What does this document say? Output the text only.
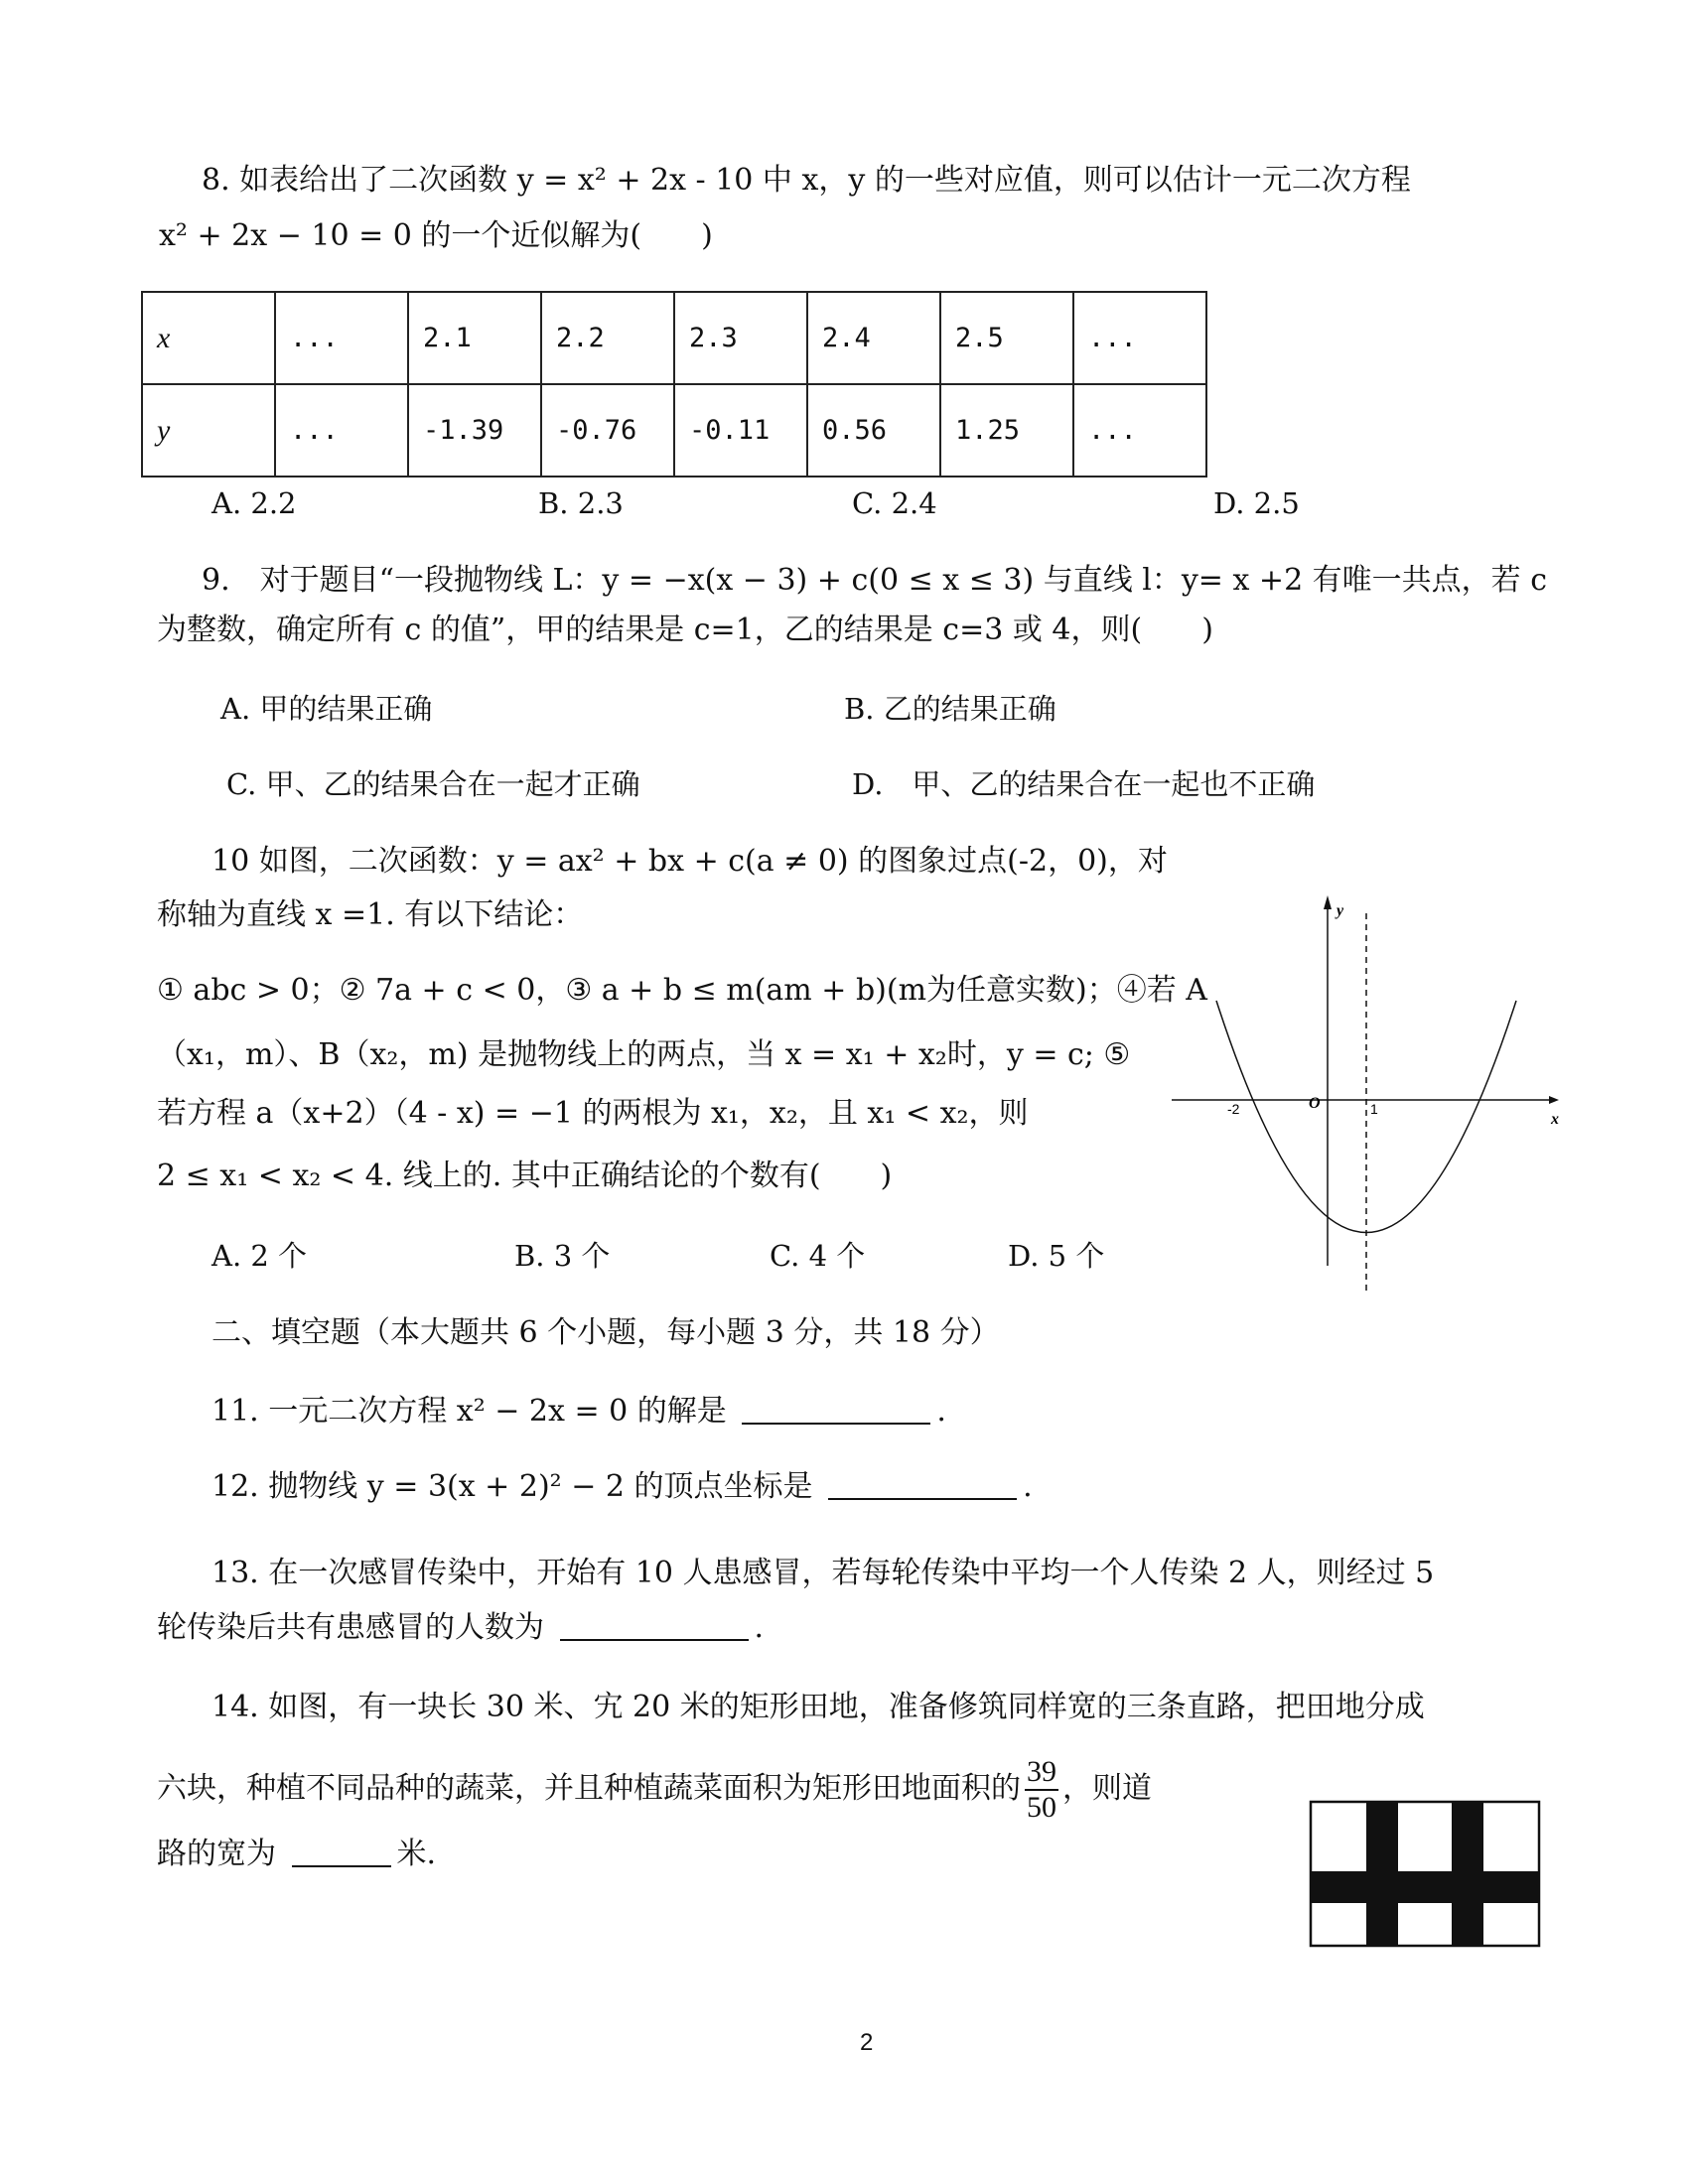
8. 如表给出了二次函数 y = x² + 2x - 10 中 x，y 的一些对应值，则可以估计一元二次方程
x² + 2x − 10 = 0 的一个近似解为(　　)
x	...	2.1	2.2	2.3	2.4	2.5	...
y	...	-1.39	-0.76	-0.11	0.56	1.25	...
A. 2.2	B. 2.3	C. 2.4	D. 2.5
9.　对于题目“一段抛物线 L：y = −x(x − 3) + c(0 ≤ x ≤ 3) 与直线 l：y= x +2 有唯一共点，若 c
为整数，确定所有 c 的值”，甲的结果是 c=1，乙的结果是 c=3 或 4，则(　　)
A. 甲的结果正确	B. 乙的结果正确
C. 甲、乙的结果合在一起才正确	D.　甲、乙的结果合在一起也不正确
10 如图，二次函数：y = ax² + bx + c(a ≠ 0) 的图象过点(-2，0)，对
称轴为直线 x =1. 有以下结论：
① abc > 0；② 7a + c < 0，③ a + b ≤ m(am + b)(m为任意实数)；④若 A
（x₁，m）、B（x₂，m) 是抛物线上的两点，当 x = x₁ + x₂时，y = c; ⑤
若方程 a（x+2）（4 - x) = −1 的两根为 x₁，x₂，且 x₁ < x₂，则
2 ≤ x₁ < x₂ < 4. 线上的. 其中正确结论的个数有(　　)
A. 2 个	B. 3 个	C. 4 个	D. 5 个
y
x
O
-2	1
二、填空题（本大题共 6 个小题，每小题 3 分，共 18 分）
11. 一元二次方程 x² − 2x = 0 的解是	.
12. 抛物线 y = 3(x + 2)² − 2 的顶点坐标是	.
13. 在一次感冒传染中，开始有 10 人患感冒，若每轮传染中平均一个人传染 2 人，则经过 5
轮传染后共有患感冒的人数为	.
14. 如图，有一块长 30 米、宄 20 米的矩形田地，准备修筑同样宽的三条直路，把田地分成
六块，种植不同品种的蔬菜，并且种植蔬菜面积为矩形田地面积的 $\frac{39}{50}$ ，则道
路的宽为	米.
2
